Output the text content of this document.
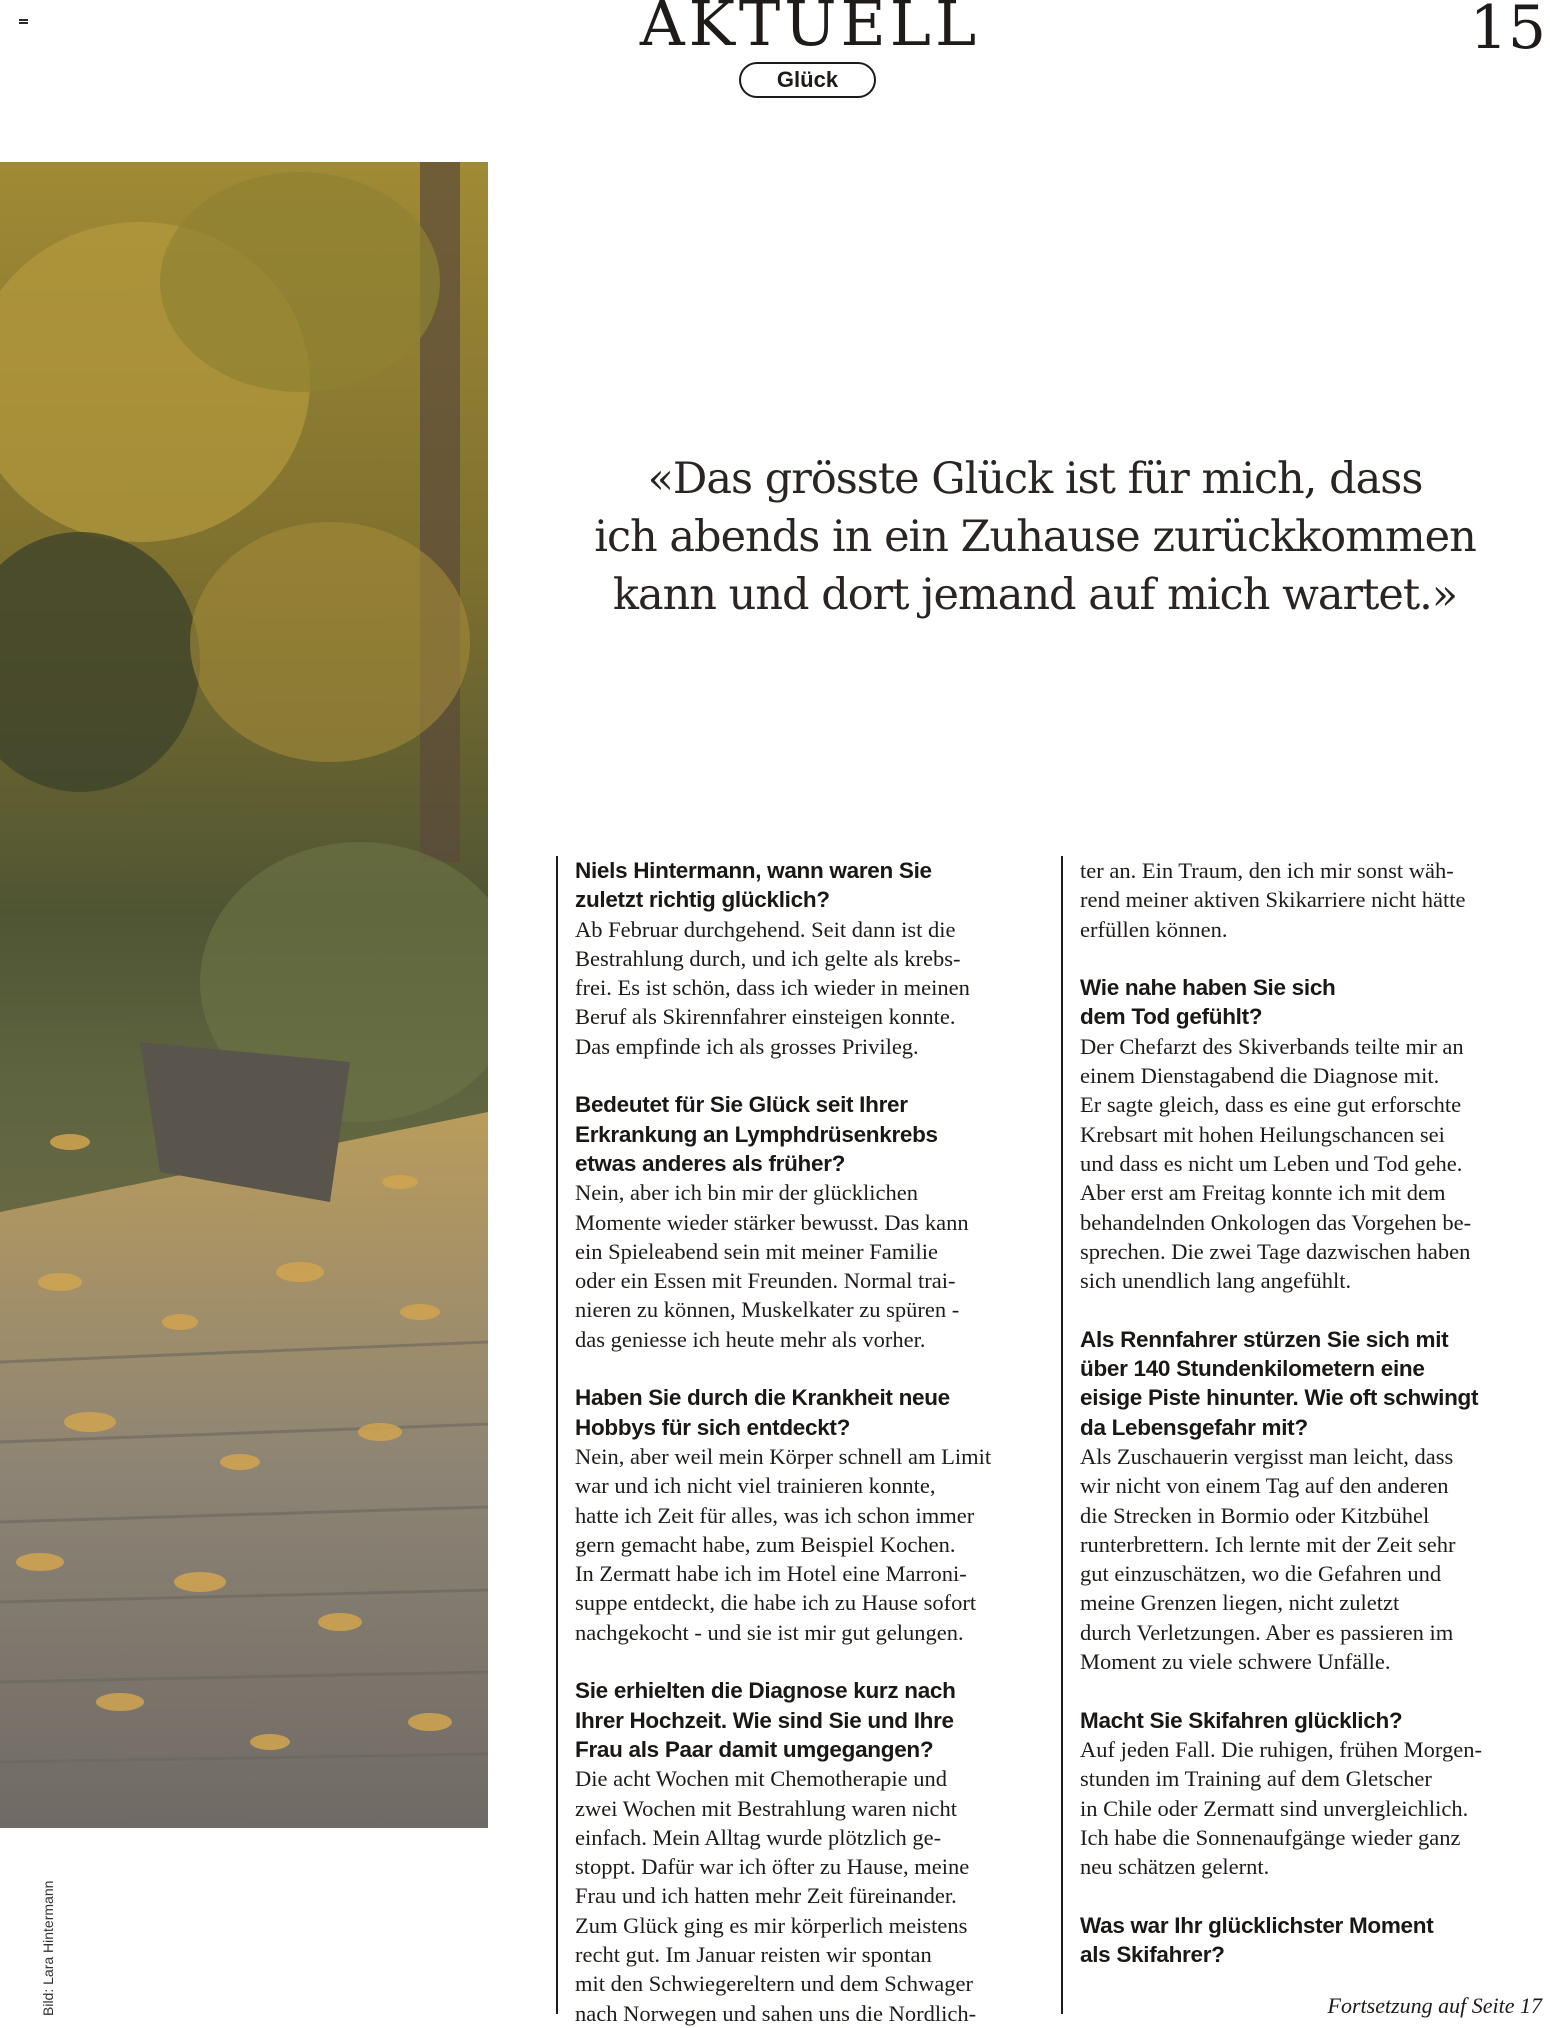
AKTUELL	15
Glück
Bild: Lara Hintermann
«Das grösste Glück ist für mich, dass
ich abends in ein Zuhause zurückkommen
kann und dort jemand auf mich wartet.»

Niels Hintermann, wann waren Sie
zuletzt richtig glücklich?

Ab Februar durchgehend. Seit dann ist die
Bestrahlung durch, und ich gelte als krebs-
frei. Es ist schön, dass ich wieder in meinen
Beruf als Skirennfahrer einsteigen konnte.
Das empfinde ich als grosses Privileg.

Bedeutet für Sie Glück seit Ihrer
Erkrankung an Lymphdrüsenkrebs
etwas anderes als früher?

Nein, aber ich bin mir der glücklichen
Momente wieder stärker bewusst. Das kann
ein Spieleabend sein mit meiner Familie
oder ein Essen mit Freunden. Normal trai-
nieren zu können, Muskelkater zu spüren -
das geniesse ich heute mehr als vorher.

Haben Sie durch die Krankheit neue
Hobbys für sich entdeckt?

Nein, aber weil mein Körper schnell am Limit
war und ich nicht viel trainieren konnte,
hatte ich Zeit für alles, was ich schon immer
gern gemacht habe, zum Beispiel Kochen.
In Zermatt habe ich im Hotel eine Marroni-
suppe entdeckt, die habe ich zu Hause sofort
nachgekocht - und sie ist mir gut gelungen.

Sie erhielten die Diagnose kurz nach
Ihrer Hochzeit. Wie sind Sie und Ihre
Frau als Paar damit umgegangen?

Die acht Wochen mit Chemotherapie und
zwei Wochen mit Bestrahlung waren nicht
einfach. Mein Alltag wurde plötzlich ge-
stoppt. Dafür war ich öfter zu Hause, meine
Frau und ich hatten mehr Zeit füreinander.
Zum Glück ging es mir körperlich meistens
recht gut. Im Januar reisten wir spontan
mit den Schwiegereltern und dem Schwager
nach Norwegen und sahen uns die Nordlich-

ter an. Ein Traum, den ich mir sonst wäh-
rend meiner aktiven Skikarriere nicht hätte
erfüllen können.

Wie nahe haben Sie sich
dem Tod gefühlt?

Der Chefarzt des Skiverbands teilte mir an
einem Dienstagabend die Diagnose mit.
Er sagte gleich, dass es eine gut erforschte
Krebsart mit hohen Heilungschancen sei
und dass es nicht um Leben und Tod gehe.
Aber erst am Freitag konnte ich mit dem
behandelnden Onkologen das Vorgehen be-
sprechen. Die zwei Tage dazwischen haben
sich unendlich lang angefühlt.

Als Rennfahrer stürzen Sie sich mit
über 140 Stundenkilometern eine
eisige Piste hinunter. Wie oft schwingt
da Lebensgefahr mit?

Als Zuschauerin vergisst man leicht, dass
wir nicht von einem Tag auf den anderen
die Strecken in Bormio oder Kitzbühel
runterbrettern. Ich lernte mit der Zeit sehr
gut einzuschätzen, wo die Gefahren und
meine Grenzen liegen, nicht zuletzt
durch Verletzungen. Aber es passieren im
Moment zu viele schwere Unfälle.

Macht Sie Skifahren glücklich?

Auf jeden Fall. Die ruhigen, frühen Morgen-
stunden im Training auf dem Gletscher
in Chile oder Zermatt sind unvergleichlich.
Ich habe die Sonnenaufgänge wieder ganz
neu schätzen gelernt.

Was war Ihr glücklichster Moment
als Skifahrer?

Fortsetzung auf Seite 17
